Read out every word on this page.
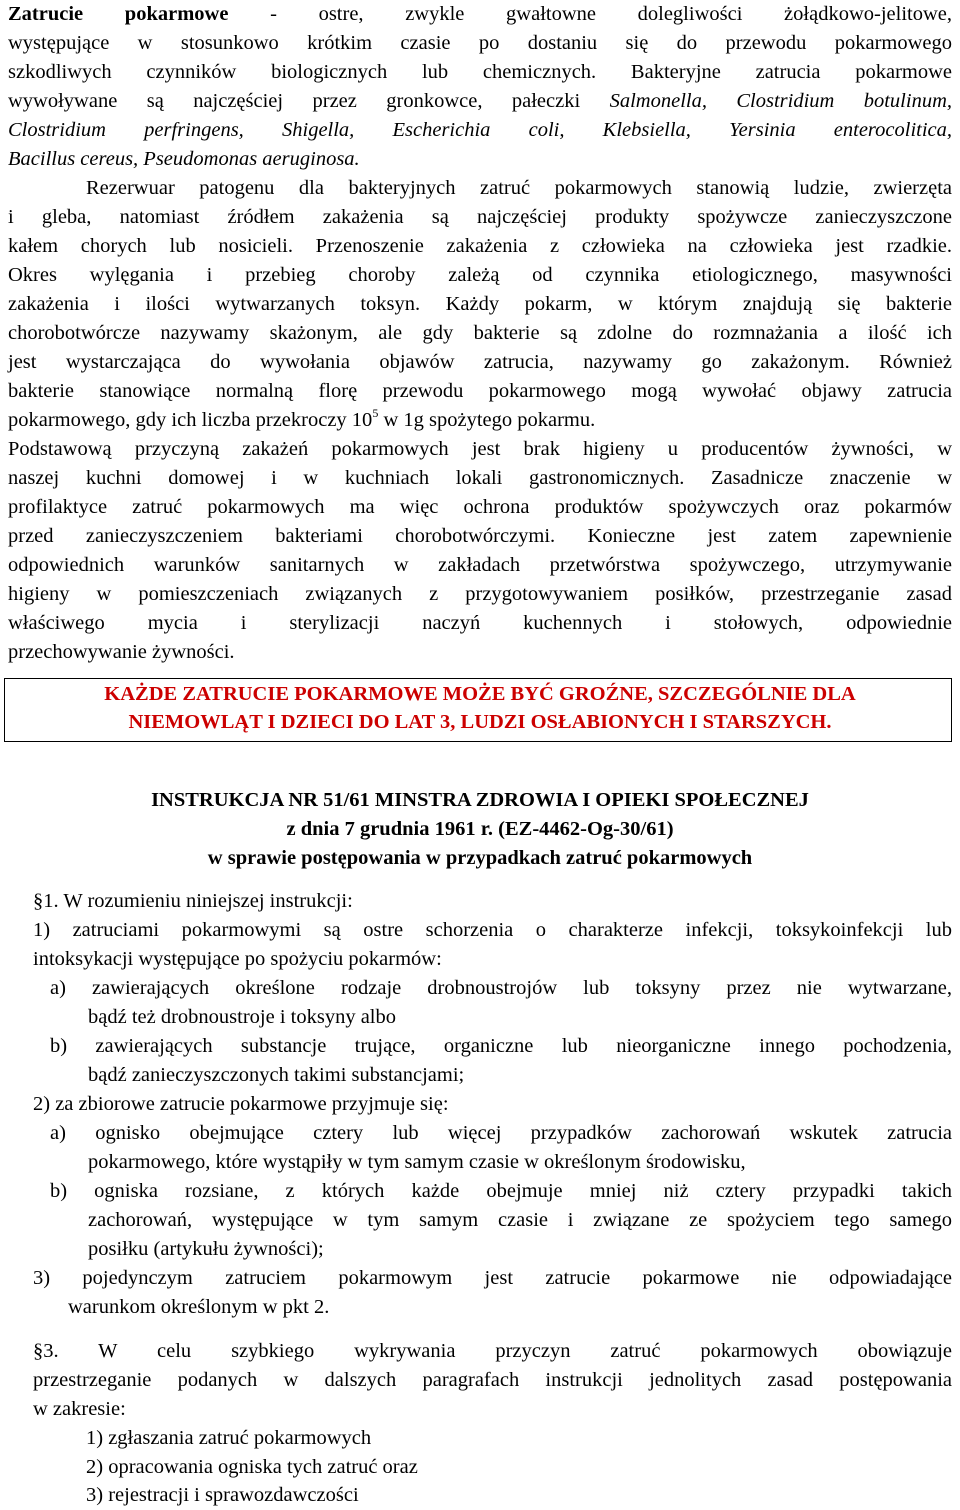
Zatrucie pokarmowe - ostre, zwykle gwałtowne dolegliwości żołądkowo-jelitowe,
występujące w stosunkowo krótkim czasie po dostaniu się do przewodu pokarmowego
szkodliwych czynników biologicznych lub chemicznych. Bakteryjne zatrucia pokarmowe
wywoływane są najczęściej przez gronkowce, pałeczki Salmonella, Clostridium botulinum,
Clostridium perfringens, Shigella, Escherichia coli, Klebsiella, Yersinia enterocolitica,
Bacillus cereus, Pseudomonas aeruginosa.
Rezerwuar patogenu dla bakteryjnych zatruć pokarmowych stanowią ludzie, zwierzęta
i gleba, natomiast źródłem zakażenia są najczęściej produkty spożywcze zanieczyszczone
kałem chorych lub nosicieli. Przenoszenie zakażenia z człowieka na człowieka jest rzadkie.
Okres wylęgania i przebieg choroby zależą od czynnika etiologicznego, masywności
zakażenia i ilości wytwarzanych toksyn. Każdy pokarm, w którym znajdują się bakterie
chorobotwórcze nazywamy skażonym, ale gdy bakterie są zdolne do rozmnażania a ilość ich
jest wystarczająca do wywołania objawów zatrucia, nazywamy go zakażonym. Również
bakterie stanowiące normalną florę przewodu pokarmowego mogą wywołać objawy zatrucia
pokarmowego, gdy ich liczba przekroczy $10^5$ w 1g spożytego pokarmu.
Podstawową przyczyną zakażeń pokarmowych jest brak higieny u producentów żywności, w
naszej kuchni domowej i w kuchniach lokali gastronomicznych. Zasadnicze znaczenie w
profilaktyce zatruć pokarmowych ma więc ochrona produktów spożywczych oraz pokarmów
przed zanieczyszczeniem bakteriami chorobotwórczymi. Konieczne jest zatem zapewnienie
odpowiednich warunków sanitarnych w zakładach przetwórstwa spożywczego, utrzymywanie
higieny w pomieszczeniach związanych z przygotowywaniem posiłków, przestrzeganie zasad
właściwego mycia i sterylizacji naczyń kuchennych i stołowych, odpowiednie
przechowywanie żywności.
KAŻDE ZATRUCIE POKARMOWE MOŻE BYĆ GROŹNE, SZCZEGÓLNIE DLA
NIEMOWLĄT I DZIECI DO LAT 3, LUDZI OSŁABIONYCH I STARSZYCH.
INSTRUKCJA NR 51/61 MINSTRA ZDROWIA I OPIEKI SPOŁECZNEJ
z dnia 7 grudnia 1961 r. (EZ-4462-Og-30/61)
w sprawie postępowania w przypadkach zatruć pokarmowych
§1. W rozumieniu niniejszej instrukcji:
1) zatruciami pokarmowymi są ostre schorzenia o charakterze infekcji, toksykoinfekcji lub
intoksykacji występujące po spożyciu pokarmów:
a) zawierających określone rodzaje drobnoustrojów lub toksyny przez nie wytwarzane,
bądź też drobnoustroje i toksyny albo
b) zawierających substancje trujące, organiczne lub nieorganiczne innego pochodzenia,
bądź zanieczyszczonych takimi substancjami;
2) za zbiorowe zatrucie pokarmowe przyjmuje się:
a) ognisko obejmujące cztery lub więcej przypadków zachorowań wskutek zatrucia
pokarmowego, które wystąpiły w tym samym czasie w określonym środowisku,
b) ogniska rozsiane, z których każde obejmuje mniej niż cztery przypadki takich
zachorowań, występujące w tym samym czasie i związane ze spożyciem tego samego
posiłku (artykułu żywności);
3) pojedynczym zatruciem pokarmowym jest zatrucie pokarmowe nie odpowiadające
warunkom określonym w pkt 2.
§3. W celu szybkiego wykrywania przyczyn zatruć pokarmowych obowiązuje
przestrzeganie podanych w dalszych paragrafach instrukcji jednolitych zasad postępowania
w zakresie:
1) zgłaszania zatruć pokarmowych
2) opracowania ogniska tych zatruć oraz
3) rejestracji i sprawozdawczości
